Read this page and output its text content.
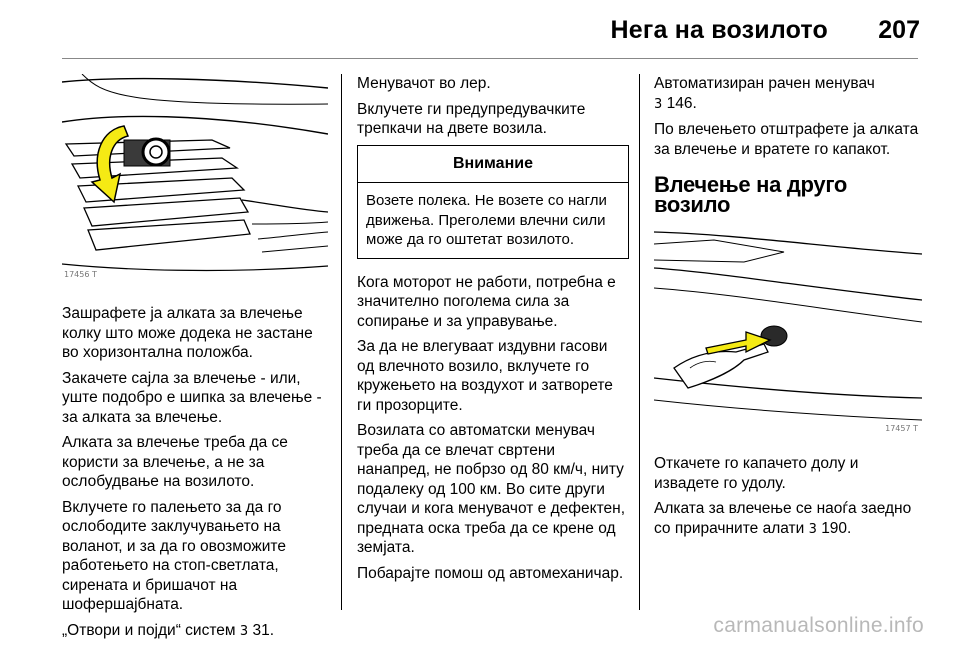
Нега на возилото 207
17456 T

Зашрафете ја алката за влечење колку што може додека не застане во хоризонтална положба.

Закачете сајла за влечење - или, уште подобро е шипка за влечење - за алката за влечење.

Алката за влечење треба да се користи за влечење, а не за ослобудвање на возилото.

Вклучете го палењето за да го ослободите заклучувањето на воланот, и за да го овозможите работењето на стоп-светлата, сирената и бришачот на шофершајбната.

„Отвори и појди“ систем 3 31.

Менувачот во лер.

Вклучете ги предупредувачките трепкачи на двете возила.

Внимание
Возете полека. Не возете со нагли движења. Прегoлеми влечни сили може да го оштетат возилото.

Кога моторот не работи, потребна е значително поголема сила за сопирање и за управување.

За да не влегуваат издувни гасови од влечното возило, вклучете го кружењето на воздухот и затворете ги прозорците.

Возилата со автоматски менувач треба да се влечат свртени нанапред, не побрзо од 80 км/ч, ниту подалеку од 100 км. Во сите други случаи и кога менувачот е дефектен, предната оска треба да се крене од земјата.

Побарајте помош од автомеханичар.

Автоматизиран рачен менувач
3 146.

По влечењето отштрафете ја алката за влечење и вратете го капакот.

Влечење на друго возило
17457 T

Откачете го капачето долу и извадете го удолу.

Алката за влечење се наоѓа заедно со прирачните алати 3 190.

carmanualsonline.info
